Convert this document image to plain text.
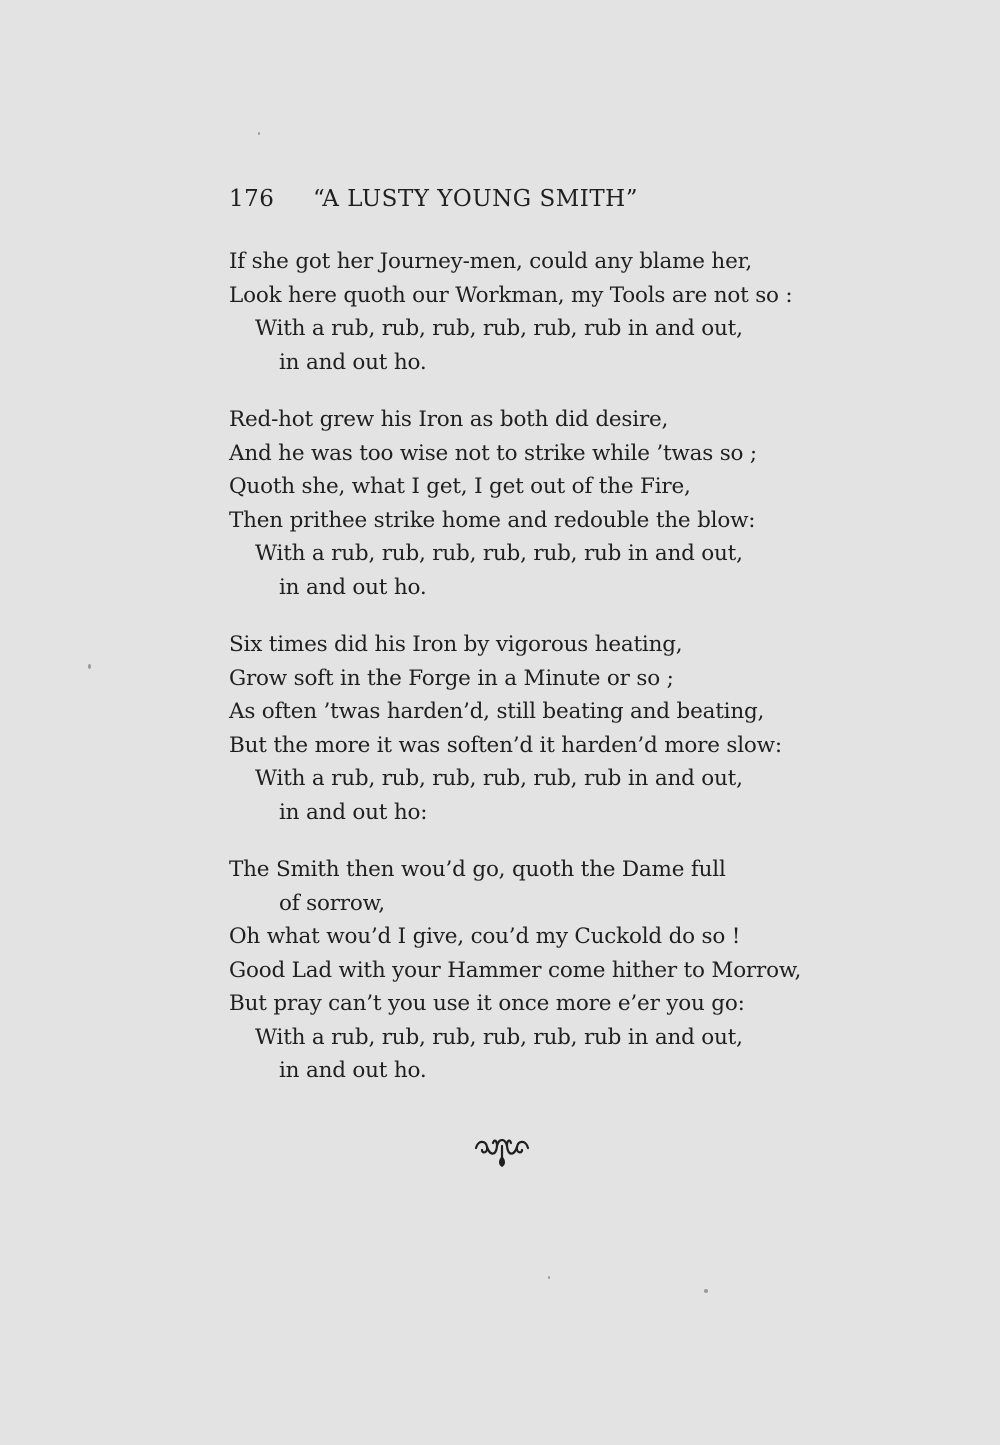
176 “A LUSTY YOUNG SMITH”
If she got her Journey-men, could any blame her,
Look here quoth our Workman, my Tools are not so :
With a rub, rub, rub, rub, rub, rub in and out,
in and out ho.
Red-hot grew his Iron as both did desire,
And he was too wise not to strike while ’twas so ;
Quoth she, what I get, I get out of the Fire,
Then prithee strike home and redouble the blow:
With a rub, rub, rub, rub, rub, rub in and out,
in and out ho.
Six times did his Iron by vigorous heating,
Grow soft in the Forge in a Minute or so ;
As often ’twas harden’d, still beating and beating,
But the more it was soften’d it harden’d more slow:
With a rub, rub, rub, rub, rub, rub in and out,
in and out ho:
The Smith then wou’d go, quoth the Dame full
of sorrow,
Oh what wou’d I give, cou’d my Cuckold do so !
Good Lad with your Hammer come hither to Morrow,
But pray can’t you use it once more e’er you go:
With a rub, rub, rub, rub, rub, rub in and out,
in and out ho.
